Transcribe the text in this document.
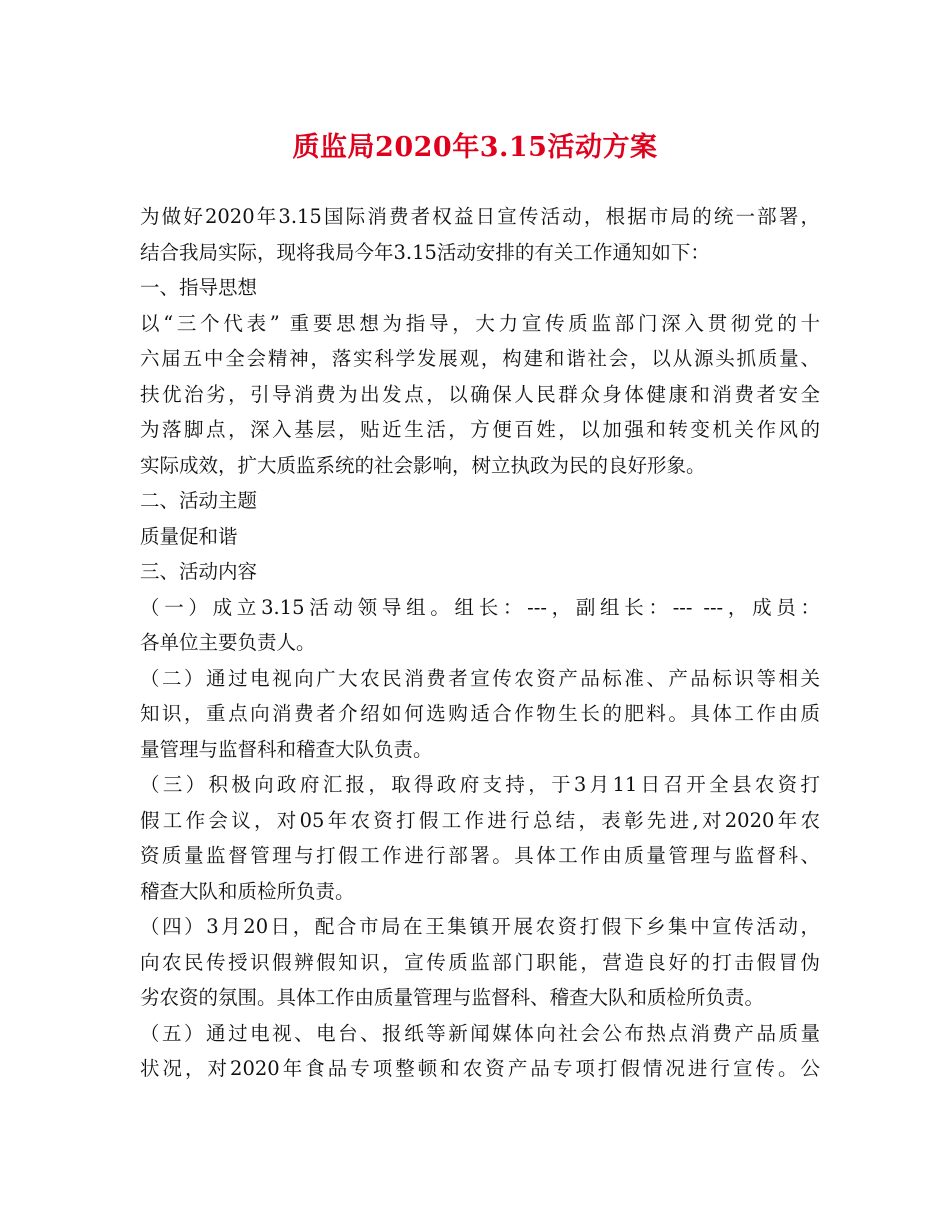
质监局2020年3.15活动方案

为做好2020年3.15国际消费者权益日宣传活动，根据市局的统一部署，
结合我局实际，现将我局今年3.15活动安排的有关工作通知如下：

一、指导思想

以“三个代表” 重要思想为指导，大力宣传质监部门深入贯彻党的十
六届五中全会精神，落实科学发展观，构建和谐社会，以从源头抓质量、
扶优治劣，引导消费为出发点，以确保人民群众身体健康和消费者安全
为落脚点，深入基层，贴近生活，方便百姓，以加强和转变机关作风的
实际成效，扩大质监系统的社会影响，树立执政为民的良好形象。

二、活动主题

质量促和谐

三、活动内容

（一）成立3.15活动领导组。组长：---，副组长：--- ---，成员：
各单位主要负责人。

（二）通过电视向广大农民消费者宣传农资产品标准、产品标识等相关
知识，重点向消费者介绍如何选购适合作物生长的肥料。具体工作由质
量管理与监督科和稽查大队负责。

（三）积极向政府汇报，取得政府支持，于3月11日召开全县农资打
假工作会议，对05年农资打假工作进行总结，表彰先进,对2020年农
资质量监督管理与打假工作进行部署。具体工作由质量管理与监督科、
稽查大队和质检所负责。

（四）3月20日，配合市局在王集镇开展农资打假下乡集中宣传活动，
向农民传授识假辨假知识，宣传质监部门职能，营造良好的打击假冒伪
劣农资的氛围。具体工作由质量管理与监督科、稽查大队和质检所负责。

（五）通过电视、电台、报纸等新闻媒体向社会公布热点消费产品质量
状况，对2020年食品专项整顿和农资产品专项打假情况进行宣传。公
